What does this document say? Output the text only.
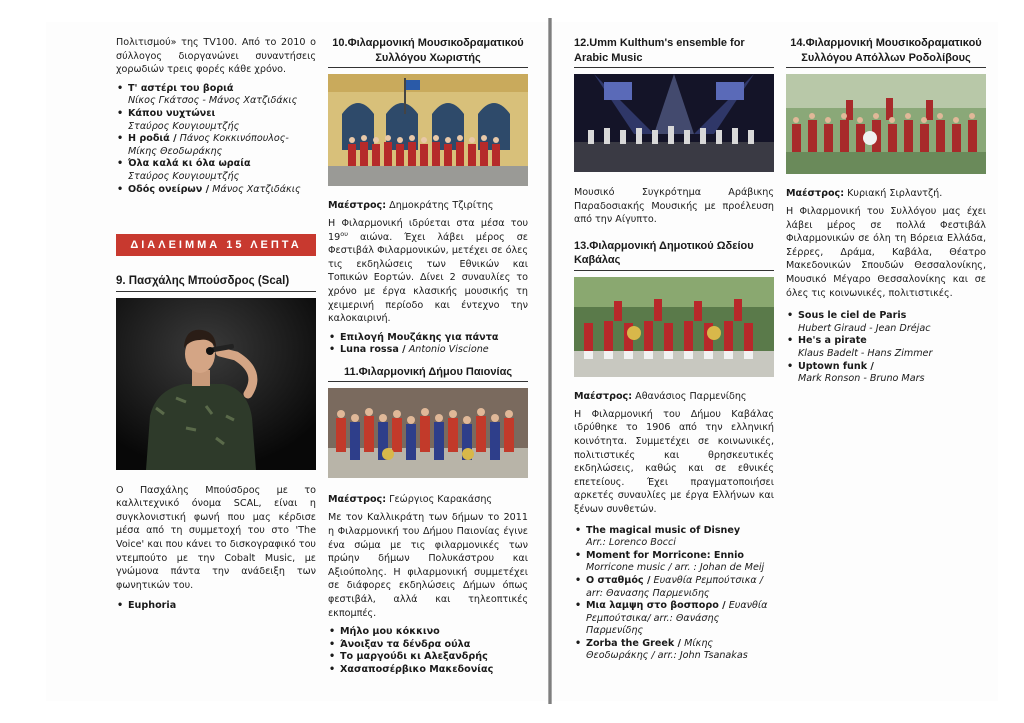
Πολιτισμού» της TV100. Από το 2010 ο σύλλογος διοργανώνει συναντήσεις χορωδιών τρεις φορές κάθε χρόνο.

• Τ' αστέρι του βοριά
Νίκος Γκάτσος - Μάνος Χατζιδάκις
• Κάπου νυχτώνει
Σταύρος Κουγιουμτζής
• Η ροδιά / Πάνος Κοκκινόπουλος- Μίκης Θεοδωράκης
• Όλα καλά κι όλα ωραία
Σταύρος Κουγιουμτζής
• Οδός ονείρων / Μάνος Χατζιδάκις
ΔΙΑΛΕΙΜΜΑ 15 ΛΕΠΤΑ

9. Πασχάλης Μπούσδρος (Scal)

Ο Πασχάλης Μπούσδρος με το καλλιτεχνικό όνομα SCAL, είναι η συγκλονιστική φωνή που μας κέρδισε μέσα από τη συμμετοχή του στο 'The Voice' και που κάνει το δισκογραφικό του ντεμπούτο με την Cobalt Music, με γνώμονα πάντα την ανάδειξη των φωνητικών του.

• Euphoria

10.Φιλαρμονική Μουσικοδραματικού Συλλόγου Χωριστής

Μαέστρος: Δημοκράτης Τζιρίτης

Η Φιλαρμονική ιδρύεται στα μέσα του $19^{o\upsilon}$ αιώνα. Έχει λάβει μέρος σε Φεστιβάλ Φιλαρμονικών, μετέχει σε όλες τις εκδηλώσεις των Εθνικών και Τοπικών Εορτών. Δίνει 2 συναυλίες το χρόνο με έργα κλασικής μουσικής τη χειμερινή περίοδο και έντεχνο την καλοκαιρινή.

• Επιλογή Μουζάκης για πάντα
• Luna rossa / Antonio Viscione

11.Φιλαρμονική Δήμου Παιονίας

Μαέστρος: Γεώργιος Καρακάσης

Με τον Καλλικράτη των δήμων το 2011 η Φιλαρμονική του Δήμου Παιονίας έγινε ένα σώμα με τις φιλαρμονικές των πρώην δήμων Πολυκάστρου και Αξιούπολης. Η φιλαρμονική συμμετέχει σε διάφορες εκδηλώσεις Δήμων όπως φεστιβάλ, αλλά και τηλεοπτικές εκπομπές.

• Μήλο μου κόκκινο
• Άνοιξαν τα δένδρα ούλα
• Το μαργούδι κι Αλεξανδρής
• Χασαποσέρβικο Μακεδονίας

12.Umm Kulthum's ensemble for Arabic Music

Μουσικό Συγκρότημα Αράβικης Παραδοσιακής Μουσικής με προέλευση από την Αίγυπτο.

13.Φιλαρμονική Δημοτικού Ωδείου Καβάλας

Μαέστρος: Αθανάσιος Παρμενίδης

Η Φιλαρμονική του Δήμου Καβάλας ιδρύθηκε το 1906 από την ελληνική κοινότητα. Συμμετέχει σε κοινωνικές, πολιτιστικές και θρησκευτικές εκδηλώσεις, καθώς και σε εθνικές επετείους. Έχει πραγματοποιήσει αρκετές συναυλίες με έργα Ελλήνων και ξένων συνθετών.

• The magical music of Disney
Arr.: Lorenco Bocci
• Moment for Morricone: Ennio
Morricone music / arr. : Johan de Meij
• Ο σταθμός / Ευανθία Ρεμπούτσικα / arr: Θανασης Παρμενιδης
• Μια λαμψη στο βοσπορο / Ευανθία Ρεμπούτσικα/ arr.: Θανάσης Παρμενίδης
• Zorba the Greek / Μίκης Θεοδωράκης / arr.: John Tsanakas

14.Φιλαρμονική Μουσικοδραματικού Συλλόγου Απόλλων Ροδολίβους

Μαέστρος: Κυριακή Σιρλαντζή.

Η Φιλαρμονική του Συλλόγου μας έχει λάβει μέρος σε πολλά Φεστιβάλ Φιλαρμονικών σε όλη τη Βόρεια Ελλάδα, Σέρρες, Δράμα, Καβάλα, Θέατρο Μακεδονικών Σπουδών Θεσσαλονίκης, Μουσικό Μέγαρο Θεσσαλονίκης και σε όλες τις κοινωνικές, πολιτιστικές.

• Sous le ciel de Paris
Hubert Giraud - Jean Dréjac
• He's a pirate
Klaus Badelt - Hans Zimmer
• Uptown funk /
Mark Ronson - Bruno Mars
